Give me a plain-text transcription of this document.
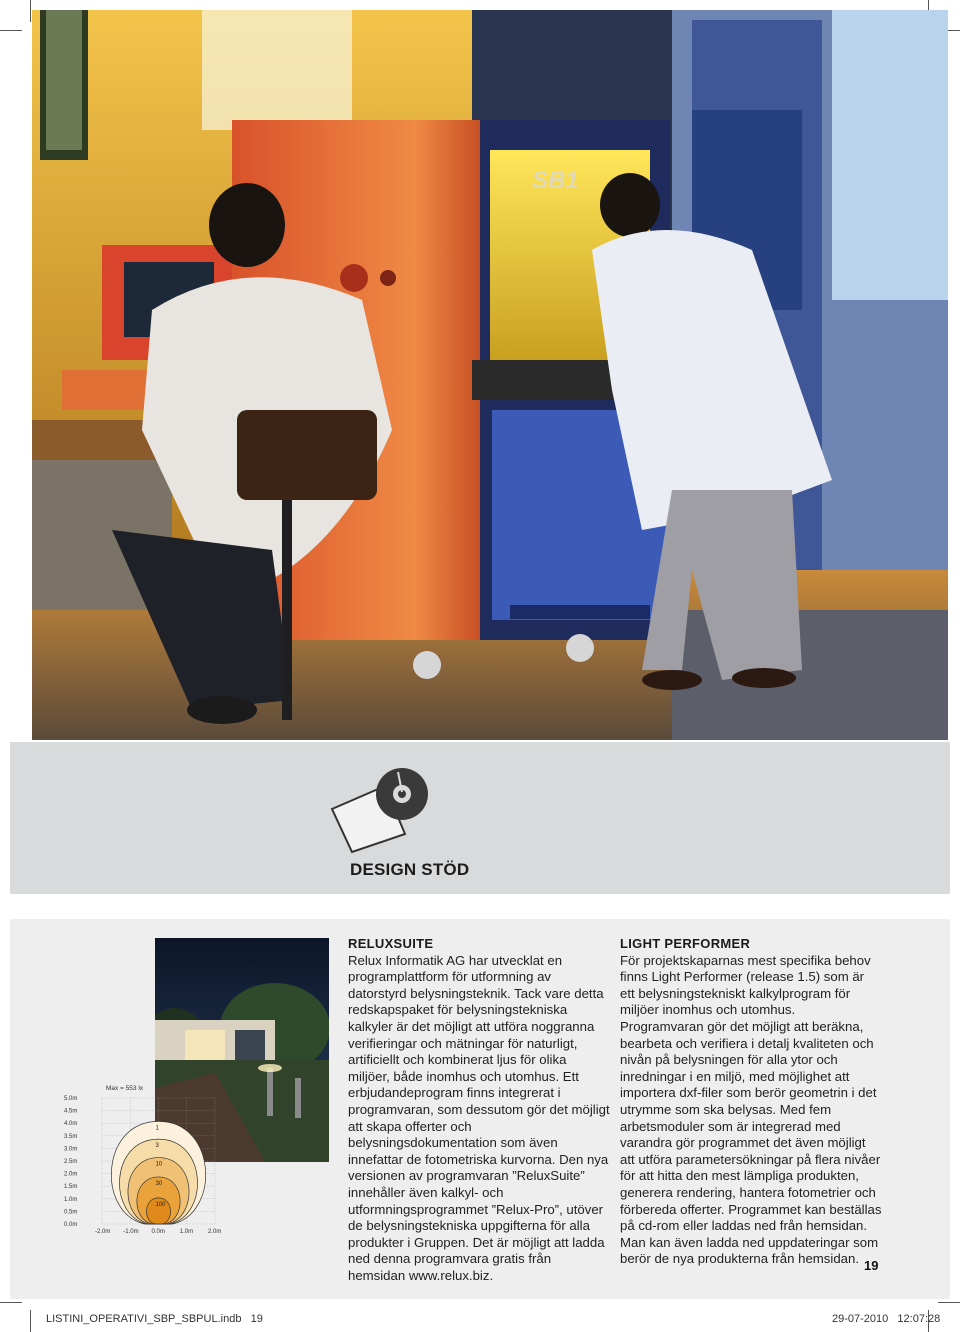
SB1
DESIGN STÖD
1
3
10
30
100
5.0m
4.5m
4.0m
3.5m
3.0m
2.5m
2.0m
1.5m
1.0m
0.5m
0.0m
-2.0m -1.0m 0.0m 1.0m 2.0m
Max = 553 lx
RELUXSUITE

Relux Informatik AG har utvecklat en programplattform för utformning av datorstyrd belysningsteknik. Tack vare detta redskapspaket för belysningstekniska kalkyler är det möjligt att utföra noggranna verifieringar och mätningar för naturligt, artificiellt och kombinerat ljus för olika miljöer, både inomhus och utomhus. Ett erbjudandeprogram finns integrerat i programvaran, som dessutom gör det möjligt att skapa offerter och belysningsdokumentation som även innefattar de fotometriska kurvorna. Den nya versionen av programvaran ”ReluxSuite” innehåller även kalkyl- och utformningsprogrammet ”Relux-Pro”, utöver de belysningstekniska uppgifterna för alla produkter i Gruppen. Det är möjligt att ladda ned denna programvara gratis från hemsidan www.relux.biz.

LIGHT PERFORMER

För projektskaparnas mest specifika behov finns Light Performer (release 1.5) som är ett belysningstekniskt kalkylprogram för miljöer inomhus och utomhus. Programvaran gör det möjligt att beräkna, bearbeta och verifiera i detalj kvaliteten och nivån på belysningen för alla ytor och inredningar i en miljö, med möjlighet att importera dxf-filer som berör geometrin i det utrymme som ska belysas. Med fem arbetsmoduler som är integrerad med varandra gör programmet det även möjligt att utföra parametersökningar på flera nivåer för att hitta den mest lämpliga produkten, generera rendering, hantera fotometrier och förbereda offerter. Programmet kan beställas på cd-rom eller laddas ned från hemsidan. Man kan även ladda ned uppdateringar som berör de nya produkterna från hemsidan. 19
LISTINI_OPERATIVI_SBP_SBPUL.indb   19	29-07-2010   12:07:28
